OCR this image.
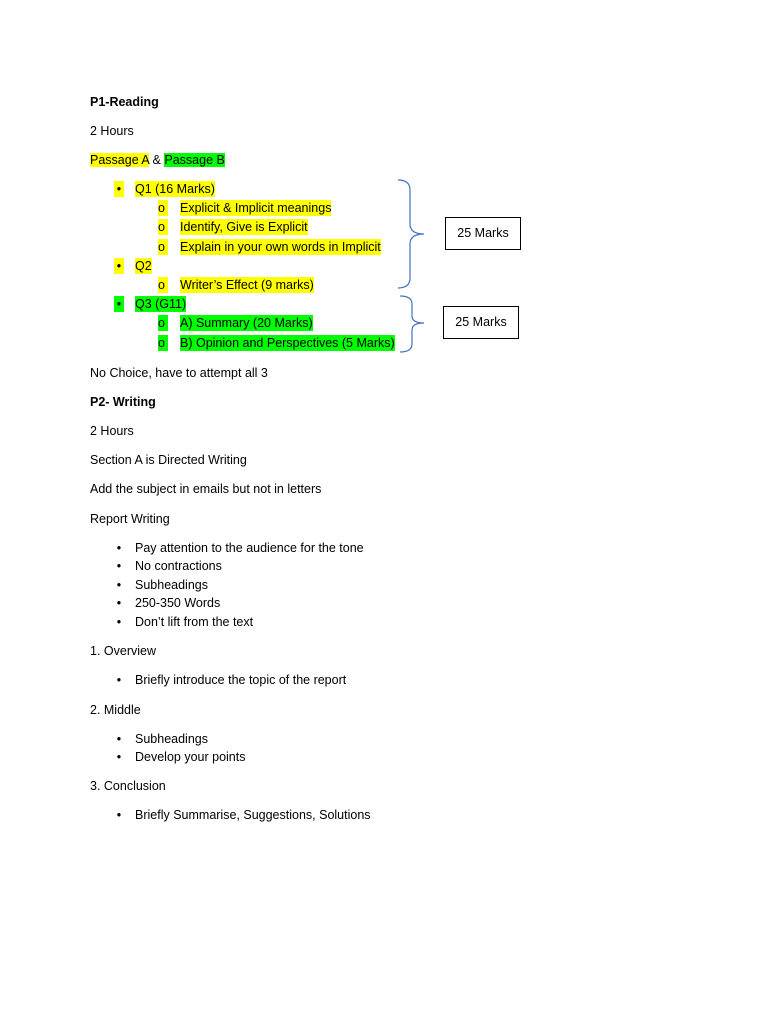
P1-Reading
2 Hours
Passage A & Passage B
• Q1 (16 Marks)
o Explicit & Implicit meanings
o Identify, Give is Explicit
o Explain in your own words in Implicit
• Q2
o Writer’s Effect (9 marks)
• Q3 (G11)
o A) Summary (20 Marks)
o B) Opinion and Perspectives (5 Marks)
25 Marks
25 Marks
No Choice, have to attempt all 3
P2- Writing
2 Hours
Section A is Directed Writing
Add the subject in emails but not in letters
Report Writing
• Pay attention to the audience for the tone
• No contractions
• Subheadings
• 250-350 Words
• Don’t lift from the text
1. Overview
• Briefly introduce the topic of the report
2. Middle
• Subheadings
• Develop your points
3. Conclusion
• Briefly Summarise, Suggestions, Solutions
